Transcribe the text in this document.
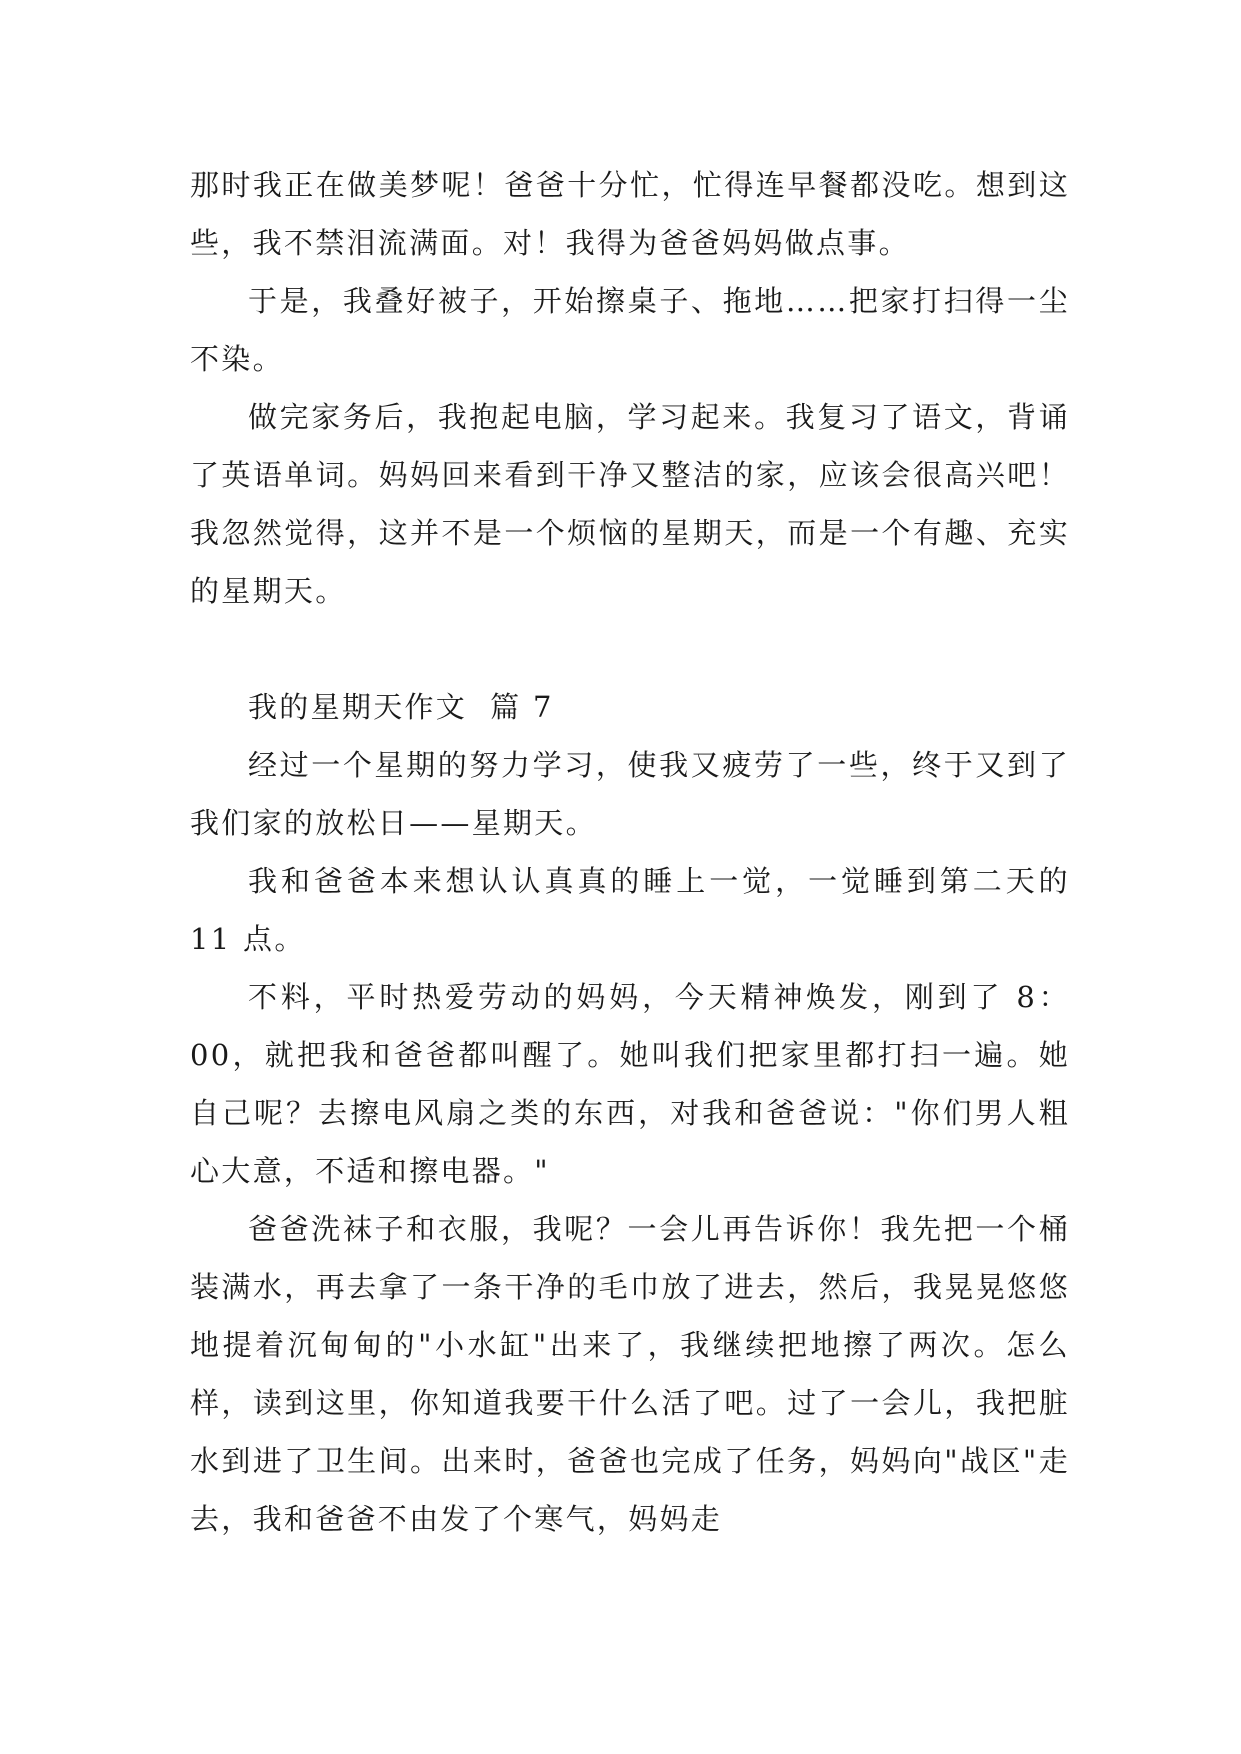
那时我正在做美梦呢！爸爸十分忙，忙得连早餐都没吃。想到这些，我不禁泪流满面。对！我得为爸爸妈妈做点事。

于是，我叠好被子，开始擦桌子、拖地……把家打扫得一尘不染。

做完家务后，我抱起电脑，学习起来。我复习了语文，背诵了英语单词。妈妈回来看到干净又整洁的家，应该会很高兴吧！我忽然觉得，这并不是一个烦恼的星期天，而是一个有趣、充实的星期天。

我的星期天作文 篇 7

经过一个星期的努力学习，使我又疲劳了一些，终于又到了我们家的放松日——星期天。

我和爸爸本来想认认真真的睡上一觉，一觉睡到第二天的 11 点。

不料，平时热爱劳动的妈妈，今天精神焕发，刚到了 8：00，就把我和爸爸都叫醒了。她叫我们把家里都打扫一遍。她自己呢？去擦电风扇之类的东西，对我和爸爸说："你们男人粗心大意，不适和擦电器。"

爸爸洗袜子和衣服，我呢？一会儿再告诉你！我先把一个桶装满水，再去拿了一条干净的毛巾放了进去，然后，我晃晃悠悠地提着沉甸甸的"小水缸"出来了，我继续把地擦了两次。怎么样，读到这里，你知道我要干什么活了吧。过了一会儿，我把脏水到进了卫生间。出来时，爸爸也完成了任务，妈妈向"战区"走去，我和爸爸不由发了个寒气，妈妈走
